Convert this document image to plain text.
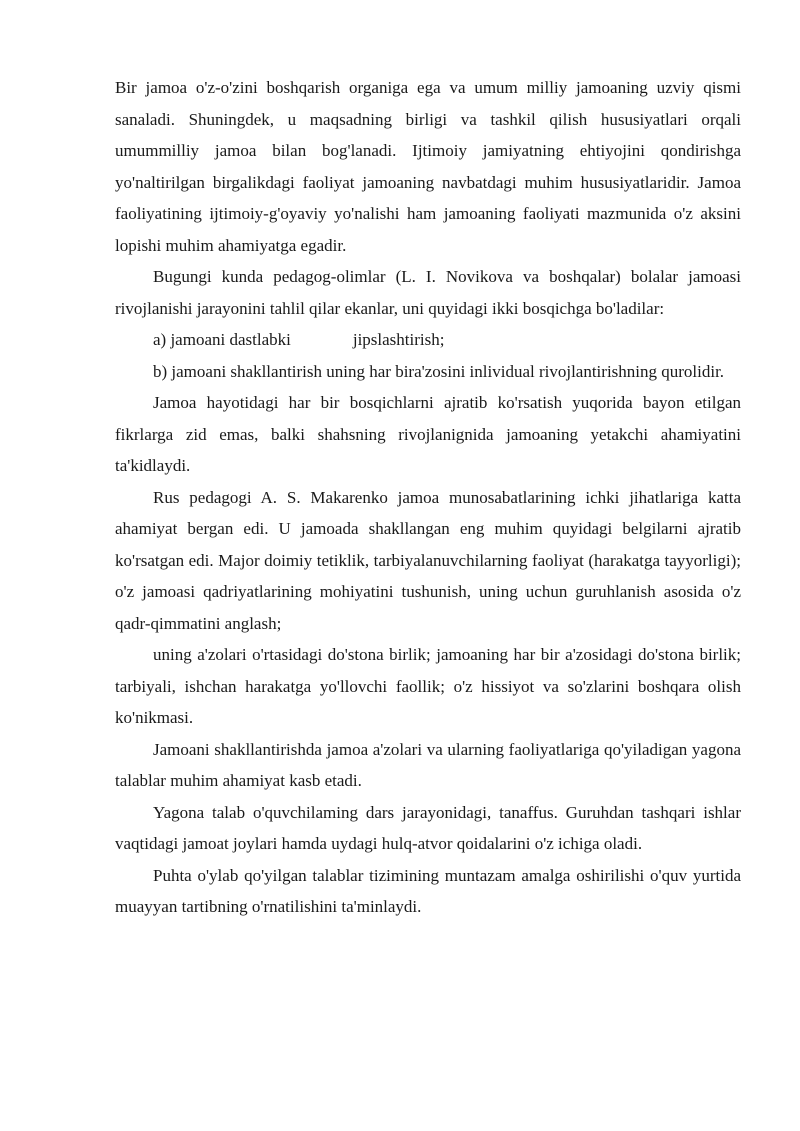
Bir jamoa o'z-o'zini boshqarish organiga ega va umum milliy jamoaning uzviy qismi sanaladi. Shuningdek, u maqsadning birligi va tashkil qilish hususiyatlari orqali umummilliy jamoa bilan bog'lanadi. Ijtimoiy jamiyatning ehtiyojini qondirishga yo'naltirilgan birgalikdagi faoliyat jamoaning navbatdagi muhim hususiyatlaridir. Jamoa faoliyatining ijtimoiy-g'oyaviy yo'nalishi ham jamoaning faoliyati mazmunida o'z aksini lopishi muhim ahamiyatga egadir.

Bugungi kunda pedagog-olimlar (L. I. Novikova va boshqalar) bolalar jamoasi rivojlanishi jarayonini tahlil qilar ekanlar, uni quyidagi ikki bosqichga bo'ladilar:

a) jamoani dastlabki	jipslashtirish;

b) jamoani shakllantirish uning har bira'zosini inlividual rivojlantirishning qurolidir.

Jamoa hayotidagi har bir bosqichlarni ajratib ko'rsatish yuqorida bayon etilgan fikrlarga zid emas, balki shahsning rivojlanignida jamoaning yetakchi ahamiyatini ta'kidlaydi.

Rus pedagogi A. S. Makarenko jamoa munosabatlarining ichki jihatlariga katta ahamiyat bergan edi. U jamoada shakllangan eng muhim quyidagi belgilarni ajratib ko'rsatgan edi. Major doimiy tetiklik, tarbiyalanuvchilarning faoliyat (harakatga tayyorligi); o'z jamoasi qadriyatlarining mohiyatini tushunish, uning uchun guruhlanish asosida o'z qadr-qimmatini anglash;

uning a'zolari o'rtasidagi do'stona birlik; jamoaning har bir a'zosidagi do'stona birlik; tarbiyali, ishchan harakatga yo'llovchi faollik; o'z hissiyot va so'zlarini boshqara olish ko'nikmasi.

Jamoani shakllantirishda jamoa a'zolari va ularning faoliyatlariga qo'yiladigan yagona talablar muhim ahamiyat kasb etadi.

Yagona talab o'quvchilaming dars jarayonidagi, tanaffus. Guruhdan tashqari ishlar vaqtidagi jamoat joylari hamda uydagi hulq-atvor qoidalarini o'z ichiga oladi.

Puhta o'ylab qo'yilgan talablar tizimining muntazam amalga oshirilishi o'quv yurtida muayyan tartibning o'rnatilishini ta'minlaydi.
